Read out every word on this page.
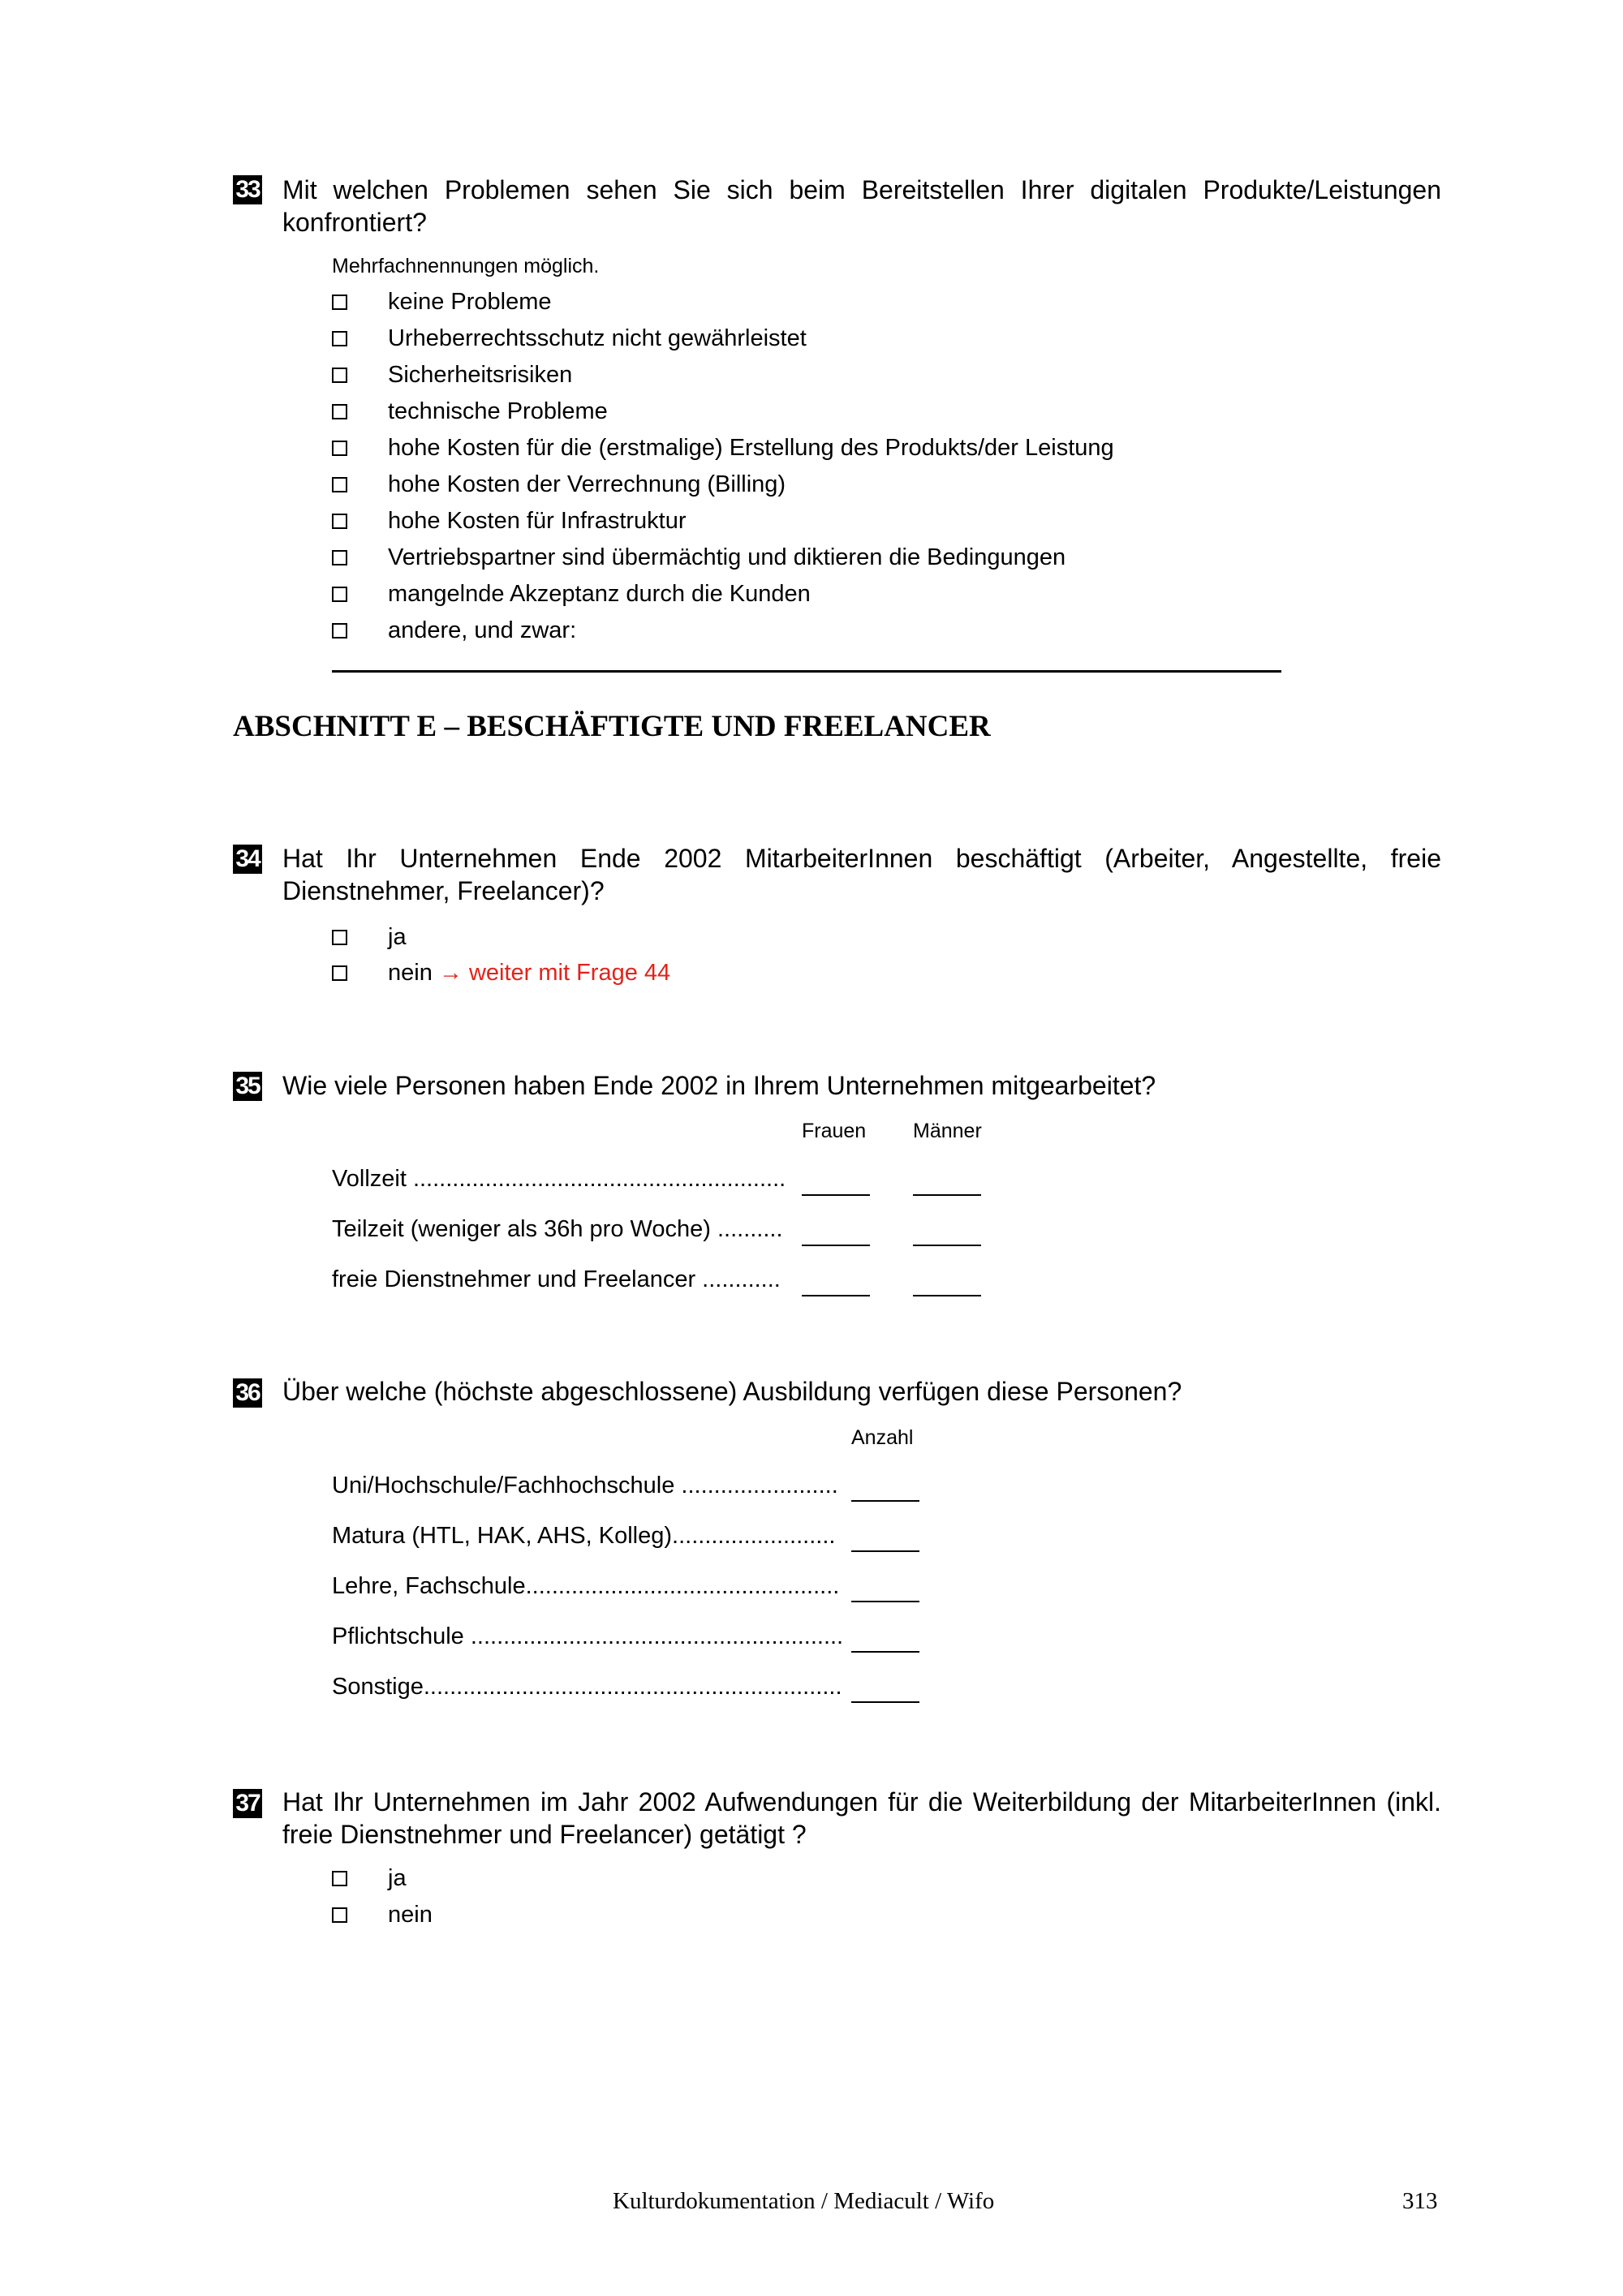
33 Mit welchen Problemen sehen Sie sich beim Bereitstellen Ihrer digitalen Produkte/Leistungen konfrontiert?
Mehrfachnennungen möglich.
keine Probleme
Urheberrechtsschutz nicht gewährleistet
Sicherheitsrisiken
technische Probleme
hohe Kosten für die (erstmalige) Erstellung des Produkts/der Leistung
hohe Kosten der Verrechnung (Billing)
hohe Kosten für Infrastruktur
Vertriebspartner sind übermächtig und diktieren die Bedingungen
mangelnde Akzeptanz durch die Kunden
andere, und zwar:
ABSCHNITT E – BESCHÄFTIGTE UND FREELANCER
34 Hat Ihr Unternehmen Ende 2002 MitarbeiterInnen beschäftigt (Arbeiter, Angestellte, freie Dienstnehmer, Freelancer)?
ja
nein → weiter mit Frage 44
35 Wie viele Personen haben Ende 2002 in Ihrem Unternehmen mitgearbeitet?
Frauen Männer
Vollzeit .........................................................
Teilzeit (weniger als 36h pro Woche) ..........
freie Dienstnehmer und Freelancer ............
36 Über welche (höchste abgeschlossene) Ausbildung verfügen diese Personen?
Anzahl
Uni/Hochschule/Fachhochschule ........................
Matura (HTL, HAK, AHS, Kolleg).........................
Lehre, Fachschule................................................
Pflichtschule .........................................................
Sonstige................................................................
37 Hat Ihr Unternehmen im Jahr 2002 Aufwendungen für die Weiterbildung der MitarbeiterInnen (inkl. freie Dienstnehmer und Freelancer) getätigt ?
ja
nein
Kulturdokumentation / Mediacult / Wifo	313
